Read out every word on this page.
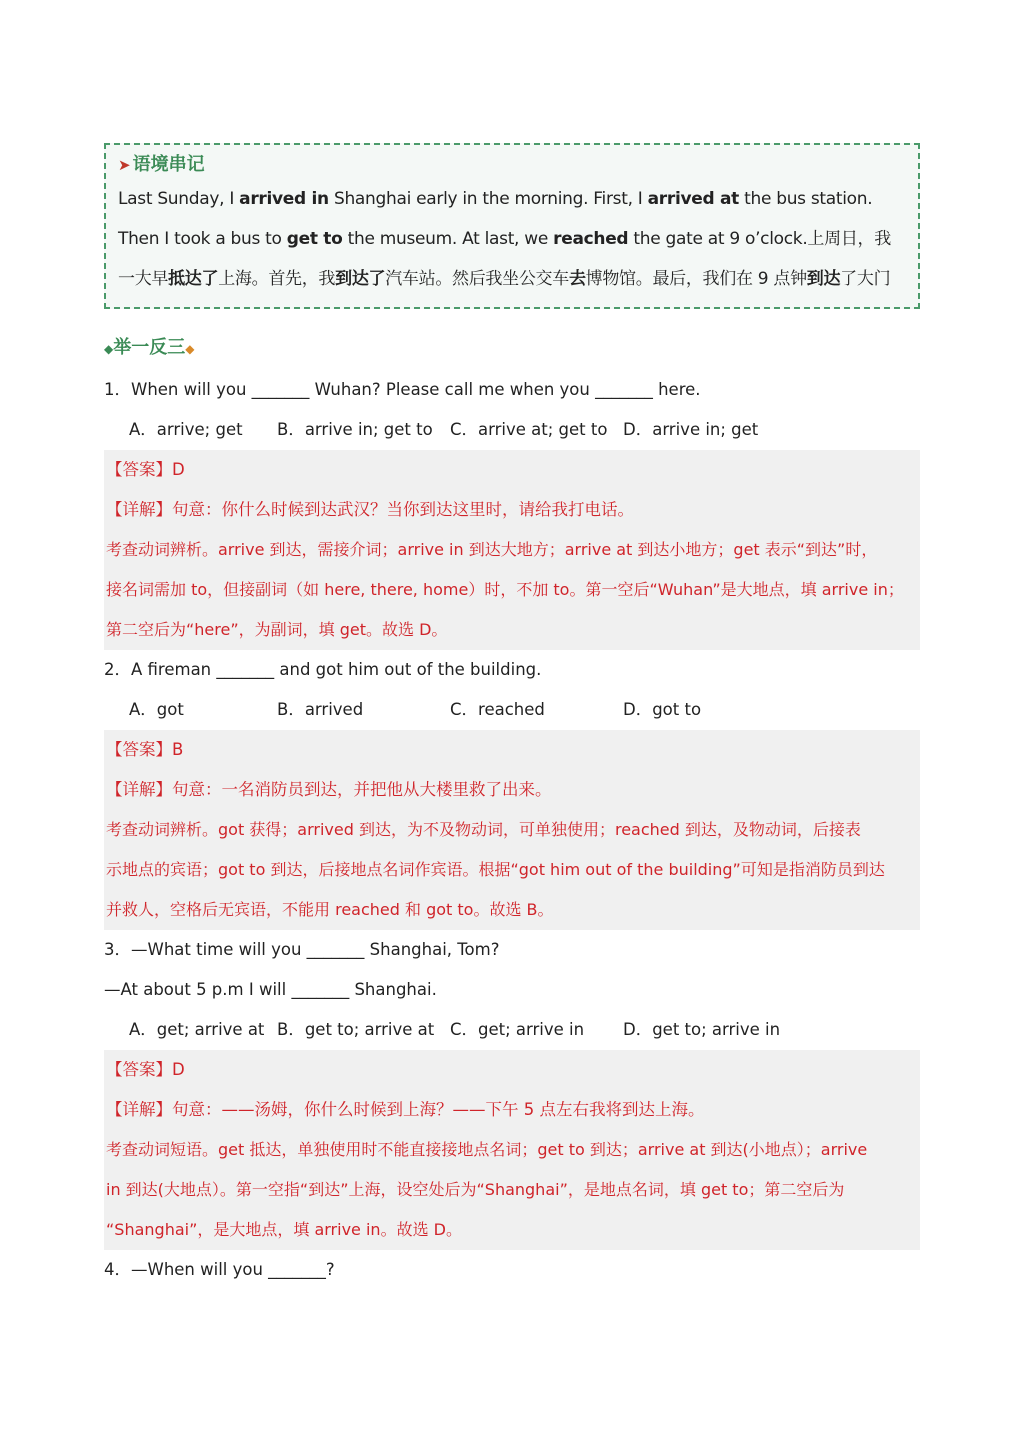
➤ 语境串记
Last Sunday, I arrived in Shanghai early in the morning. First, I arrived at the bus station. Then I took a bus to get to the museum. At last, we reached the gate at 9 o’clock.上周日，我一大早抵达了上海。首先，我到达了汽车站。然后我坐公交车去博物馆。最后，我们在 9 点钟到达了大门
◆举一反三◆
1．When will you _______ Wuhan? Please call me when you _______ here.
A．arrive; get	B．arrive in; get to	C．arrive at; get to D．arrive in; get
【答案】D
【详解】句意：你什么时候到达武汉？当你到达这里时，请给我打电话。
考查动词辨析。arrive 到达，需接介词；arrive in 到达大地方；arrive at 到达小地方；get 表示“到达”时，
接名词需加 to，但接副词（如 here, there, home）时，不加 to。第一空后“Wuhan”是大地点，填 arrive in；
第二空后为“here”，为副词，填 get。故选 D。
2．A fireman _______ and got him out of the building.
A．got	B．arrived	C．reached	D．got to
【答案】B
【详解】句意：一名消防员到达，并把他从大楼里救了出来。
考查动词辨析。got 获得；arrived 到达，为不及物动词，可单独使用；reached 到达，及物动词，后接表
示地点的宾语；got to 到达，后接地点名词作宾语。根据“got him out of the building”可知是指消防员到达
并救人，空格后无宾语，不能用 reached 和 got to。故选 B。
3．—What time will you _______ Shanghai, Tom?
—At about 5 p.m I will _______ Shanghai.
A．get; arrive at B．get to; arrive at C．get; arrive in	D．get to; arrive in
【答案】D
【详解】句意：——汤姆，你什么时候到上海？——下午 5 点左右我将到达上海。
考查动词短语。get 抵达，单独使用时不能直接接地点名词；get to 到达；arrive at 到达(小地点）；arrive
in 到达(大地点）。第一空指“到达”上海，设空处后为“Shanghai”，是地点名词，填 get to；第二空后为
“Shanghai”，是大地点，填 arrive in。故选 D。
4．—When will you _______?
